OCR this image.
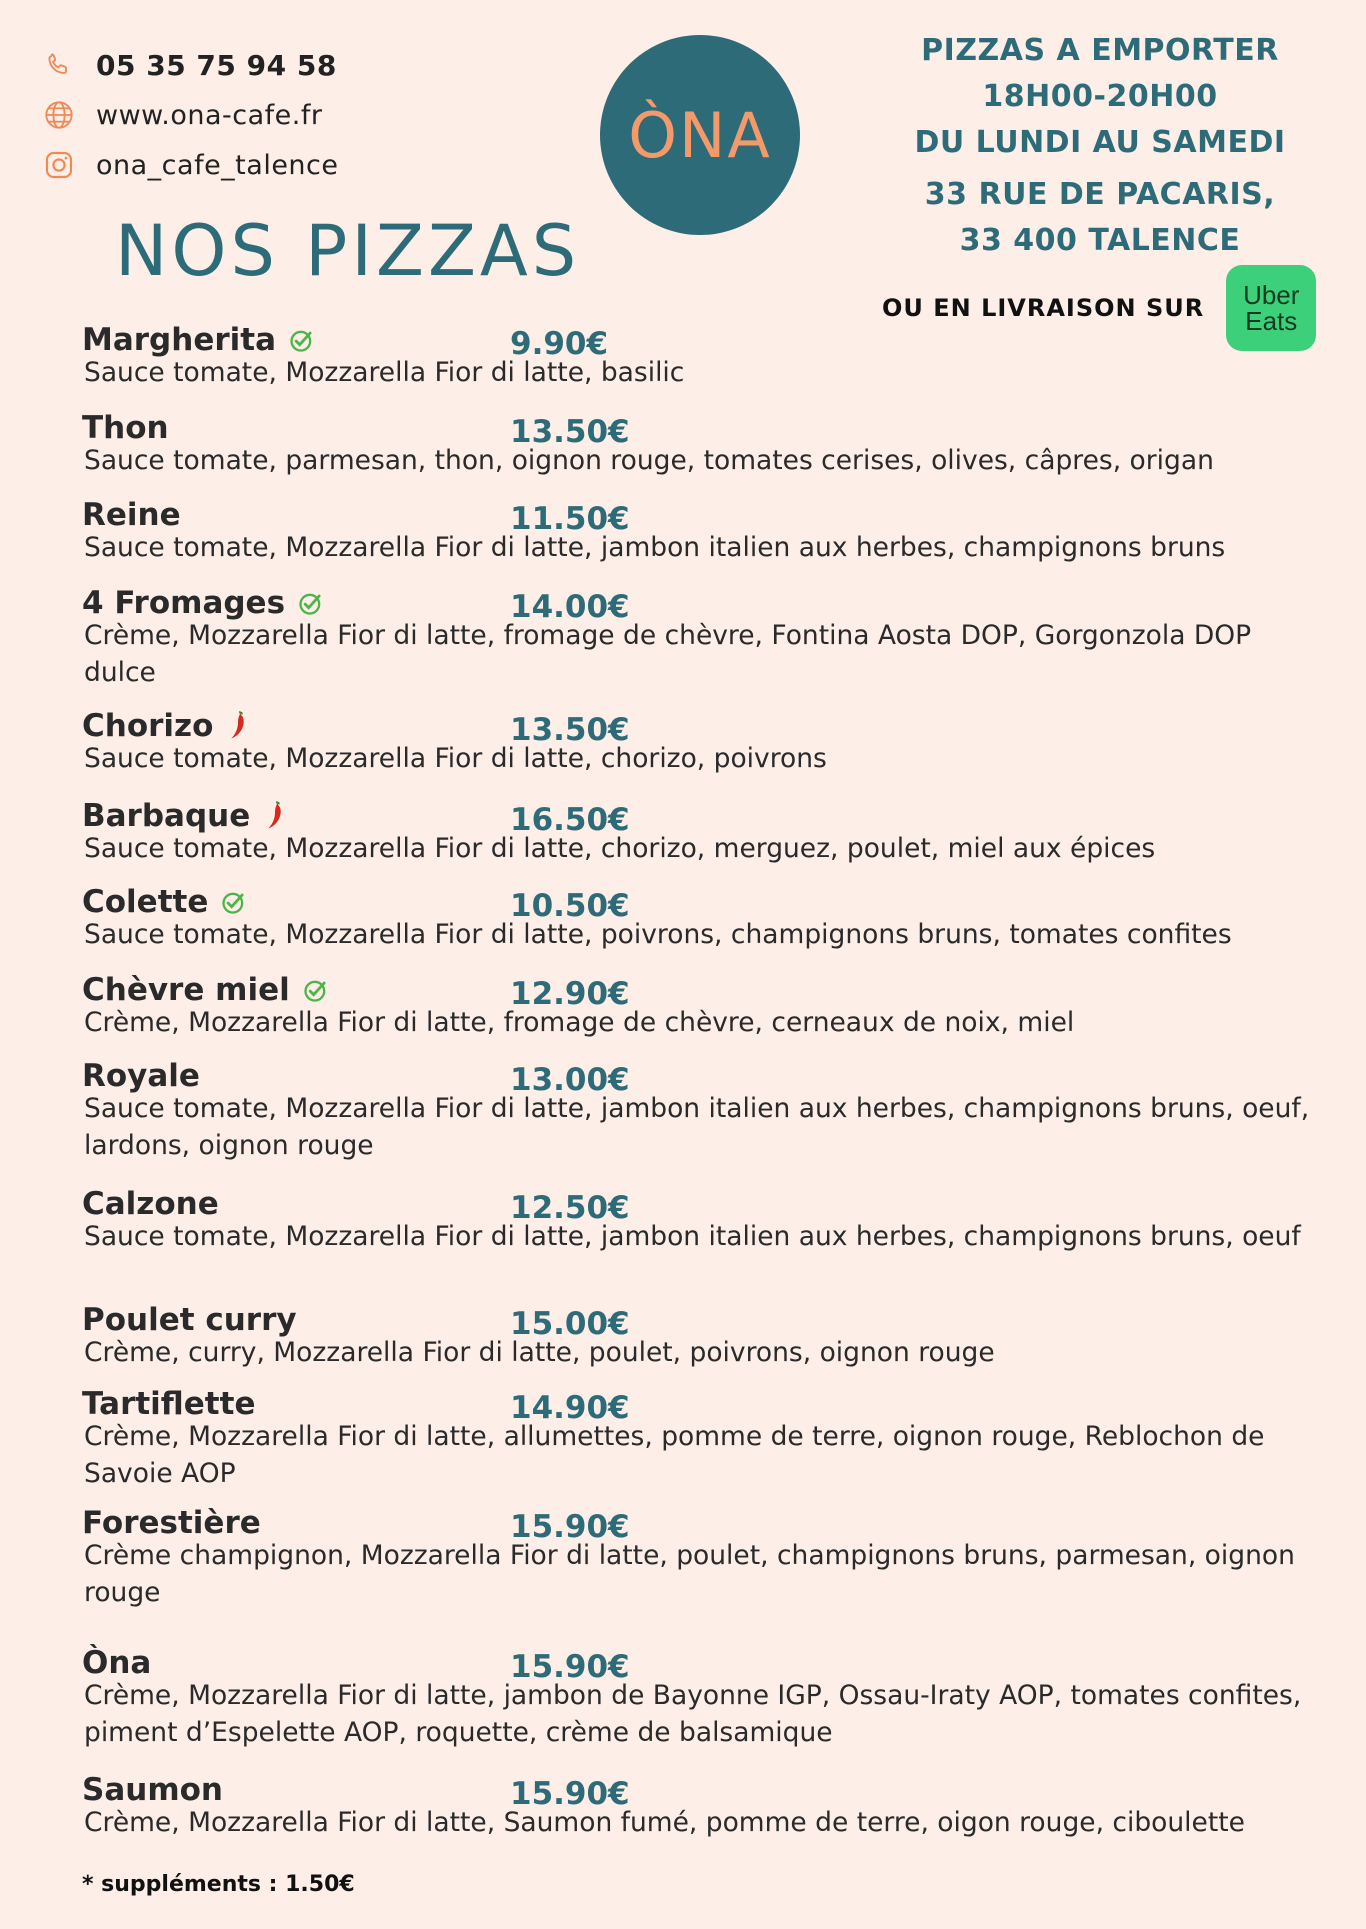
05 35 75 94 58
www.ona-cafe.fr
ona_cafe_talence	ÒNA
PIZZAS A EMPORTER
18H00-20H00
DU LUNDI AU SAMEDI
33 RUE DE PACARIS,
33 400 TALENCE
OU EN LIVRAISON SUR Uber
Eats
NOS PIZZAS
Margherita	9.90€
Sauce tomate, Mozzarella Fior di latte, basilic
Thon	13.50€
Sauce tomate, parmesan, thon, oignon rouge, tomates cerises, olives, câpres, origan
Reine	11.50€
Sauce tomate, Mozzarella Fior di latte, jambon italien aux herbes, champignons bruns
4 Fromages	14.00€
Crème, Mozzarella Fior di latte, fromage de chèvre, Fontina Aosta DOP, Gorgonzola DOP dulce
Chorizo	13.50€
Sauce tomate, Mozzarella Fior di latte, chorizo, poivrons
Barbaque	16.50€
Sauce tomate, Mozzarella Fior di latte, chorizo, merguez, poulet, miel aux épices
Colette	10.50€
Sauce tomate, Mozzarella Fior di latte, poivrons, champignons bruns, tomates confites
Chèvre miel	12.90€
Crème, Mozzarella Fior di latte, fromage de chèvre, cerneaux de noix, miel
Royale	13.00€
Sauce tomate, Mozzarella Fior di latte, jambon italien aux herbes, champignons bruns, oeuf, lardons, oignon rouge
Calzone	12.50€
Sauce tomate, Mozzarella Fior di latte, jambon italien aux herbes, champignons bruns, oeuf
Poulet curry	15.00€
Crème, curry, Mozzarella Fior di latte, poulet, poivrons, oignon rouge
Tartiflette	14.90€
Crème, Mozzarella Fior di latte, allumettes, pomme de terre, oignon rouge, Reblochon de Savoie AOP
Forestière	15.90€
Crème champignon, Mozzarella Fior di latte, poulet, champignons bruns, parmesan, oignon rouge
Òna	15.90€
Crème, Mozzarella Fior di latte, jambon de Bayonne IGP, Ossau-Iraty AOP, tomates confites, piment d’Espelette AOP, roquette, crème de balsamique
Saumon	15.90€
Crème, Mozzarella Fior di latte, Saumon fumé, pomme de terre, oigon rouge, ciboulette
* suppléments : 1.50€
